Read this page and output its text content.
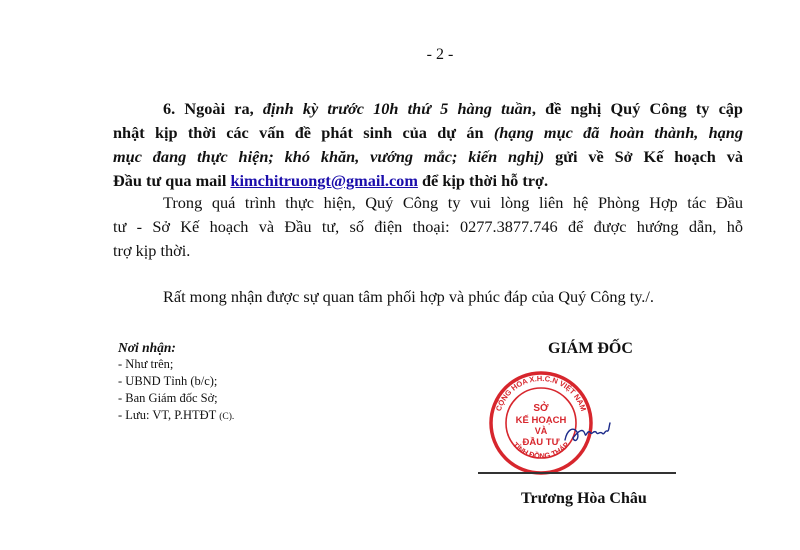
- 2 -
6. Ngoài ra, định kỳ trước 10h thứ 5 hàng tuần, đề nghị Quý Công ty cập
nhật kịp thời các vấn đề phát sinh của dự án (hạng mục đã hoàn thành, hạng
mục đang thực hiện; khó khăn, vướng mắc; kiến nghị) gửi về Sở Kế hoạch và
Đầu tư qua mail kimchitruongt@gmail.com để kịp thời hỗ trợ.
Trong quá trình thực hiện, Quý Công ty vui lòng liên hệ Phòng Hợp tác Đầu
tư - Sở Kế hoạch và Đầu tư, số điện thoại: 0277.3877.746 để được hướng dẫn, hỗ
trợ kịp thời.
Rất mong nhận được sự quan tâm phối hợp và phúc đáp của Quý Công ty./.
Nơi nhận:
- Như trên;
- UBND Tỉnh (b/c);
- Ban Giám đốc Sở;
- Lưu: VT, P.HTĐT (C).
GIÁM ĐỐC
CỘNG HÒA X.H.C.N VIỆT NAM
TỈNH ĐỒNG THÁP
SỞ
KẾ HOẠCH
VÀ
ĐẦU TƯ
Trương Hòa Châu
